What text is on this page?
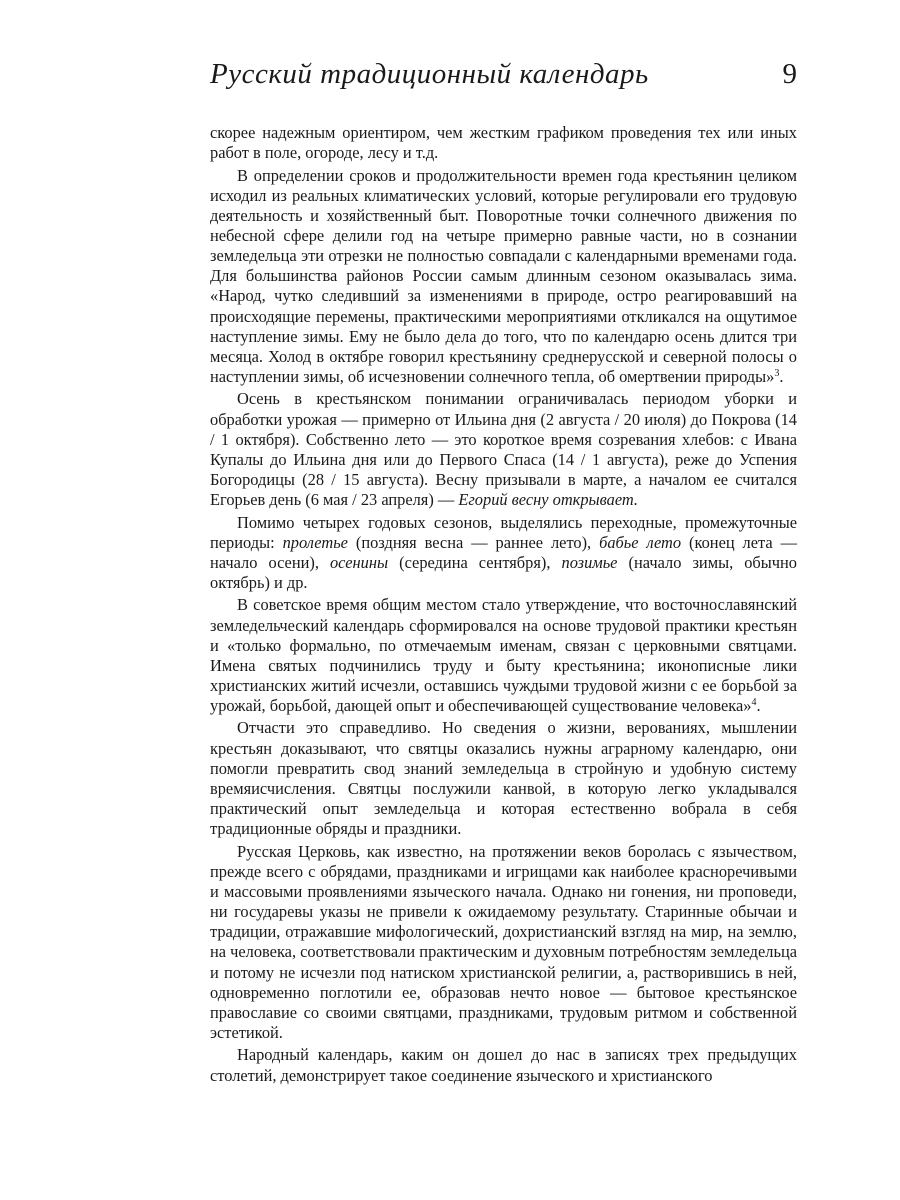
Русский традиционный календарь	9

скорее надежным ориентиром, чем жестким графиком проведения тех или иных работ в поле, огороде, лесу и т.д.

В определении сроков и продолжительности времен года крестьянин целиком исходил из реальных климатических условий, которые регулировали его трудовую деятельность и хозяйственный быт. Поворотные точки солнечного движения по небесной сфере делили год на четыре примерно равные части, но в сознании земледельца эти отрезки не полностью совпадали с календарными временами года. Для большинства районов России самым длинным сезоном оказывалась зима. «Народ, чутко следивший за изменениями в природе, остро реагировавший на происходящие перемены, практическими мероприятиями откликался на ощутимое наступление зимы. Ему не было дела до того, что по календарю осень длится три месяца. Холод в октябре говорил крестьянину среднерусской и северной полосы о наступлении зимы, об исчезновении солнечного тепла, об омертвении природы»$^3$.

Осень в крестьянском понимании ограничивалась периодом уборки и обработки урожая — примерно от Ильина дня (2 августа / 20 июля) до Покрова (14 / 1 октября). Собственно лето — это короткое время созревания хлебов: с Ивана Купалы до Ильина дня или до Первого Спаса (14 / 1 августа), реже до Успения Богородицы (28 / 15 августа). Весну призывали в марте, а началом ее считался Егорьев день (6 мая / 23 апреля) — Егорий весну открывает.

Помимо четырех годовых сезонов, выделялись переходные, промежуточные периоды: пролетье (поздняя весна — раннее лето), бабье лето (конец лета — начало осени), осенины (середина сентября), позимье (начало зимы, обычно октябрь) и др.

В советское время общим местом стало утверждение, что восточнославянский земледельческий календарь сформировался на основе трудовой практики крестьян и «только формально, по отмечаемым именам, связан с церковными святцами. Имена святых подчинились труду и быту крестьянина; иконописные лики христианских житий исчезли, оставшись чуждыми трудовой жизни с ее борьбой за урожай, борьбой, дающей опыт и обеспечивающей существование человека»$^4$.

Отчасти это справедливо. Но сведения о жизни, верованиях, мышлении крестьян доказывают, что святцы оказались нужны аграрному календарю, они помогли превратить свод знаний земледельца в стройную и удобную систему времяисчисления. Святцы послужили канвой, в которую легко укладывался практический опыт земледельца и которая естественно вобрала в себя традиционные обряды и праздники.

Русская Церковь, как известно, на протяжении веков боролась с язычеством, прежде всего с обрядами, праздниками и игрищами как наиболее красноречивыми и массовыми проявлениями языческого начала. Однако ни гонения, ни проповеди, ни государевы указы не привели к ожидаемому результату. Старинные обычаи и традиции, отражавшие мифологический, дохристианский взгляд на мир, на землю, на человека, соответствовали практическим и духовным потребностям земледельца и потому не исчезли под натиском христианской религии, а, растворившись в ней, одновременно поглотили ее, образовав нечто новое — бытовое крестьянское православие со своими святцами, праздниками, трудовым ритмом и собственной эстетикой.

Народный календарь, каким он дошел до нас в записях трех предыдущих столетий, демонстрирует такое соединение языческого и христианского
